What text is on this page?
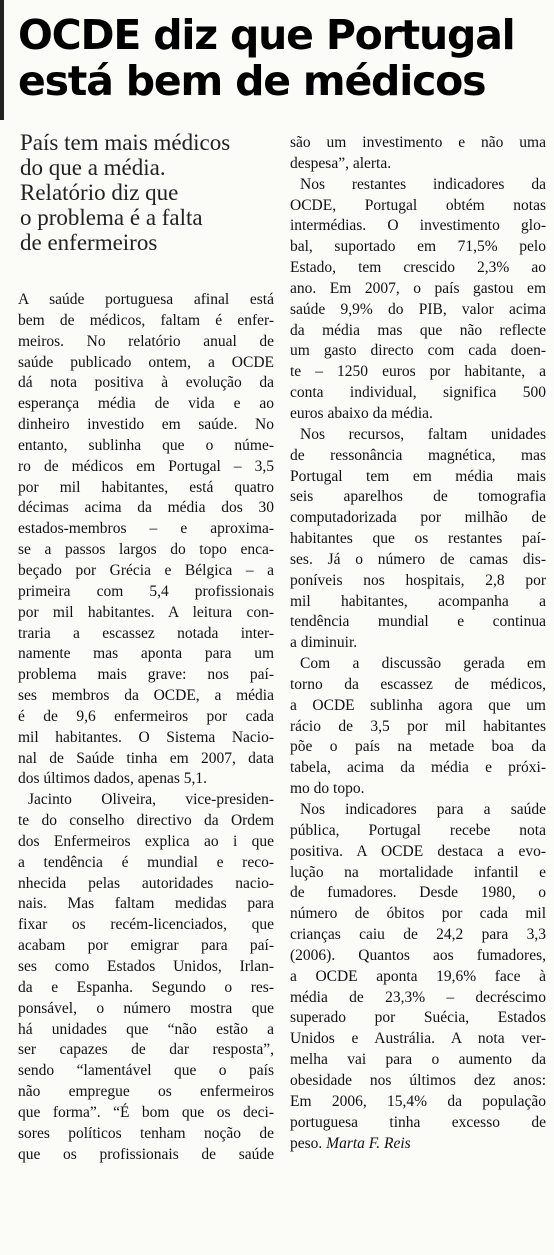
OCDE diz que Portugal
está bem de médicos
País tem mais médicos
do que a média.
Relatório diz que
o problema é a falta
de enfermeiros
A saúde portuguesa afinal está
bem de médicos, faltam é enfer-
meiros. No relatório anual de
saúde publicado ontem, a OCDE
dá nota positiva à evolução da
esperança média de vida e ao
dinheiro investido em saúde. No
entanto, sublinha que o núme-
ro de médicos em Portugal – 3,5
por mil habitantes, está quatro
décimas acima da média dos 30
estados-membros – e aproxima-
se a passos largos do topo enca-
beçado por Grécia e Bélgica – a
primeira com 5,4 profissionais
por mil habitantes. A leitura con-
traria a escassez notada inter-
namente mas aponta para um
problema mais grave: nos paí-
ses membros da OCDE, a média
é de 9,6 enfermeiros por cada
mil habitantes. O Sistema Nacio-
nal de Saúde tinha em 2007, data
dos últimos dados, apenas 5,1.
Jacinto Oliveira, vice-presiden-
te do conselho directivo da Ordem
dos Enfermeiros explica ao i que
a tendência é mundial e reco-
nhecida pelas autoridades nacio-
nais. Mas faltam medidas para
fixar os recém-licenciados, que
acabam por emigrar para paí-
ses como Estados Unidos, Irlan-
da e Espanha. Segundo o res-
ponsável, o número mostra que
há unidades que “não estão a
ser capazes de dar resposta”,
sendo “lamentável que o país
não empregue os enfermeiros
que forma”. “É bom que os deci-
sores políticos tenham noção de
que os profissionais de saúde
são um investimento e não uma
despesa”, alerta.
Nos restantes indicadores da
OCDE, Portugal obtém notas
intermédias. O investimento glo-
bal, suportado em 71,5% pelo
Estado, tem crescido 2,3% ao
ano. Em 2007, o país gastou em
saúde 9,9% do PIB, valor acima
da média mas que não reflecte
um gasto directo com cada doen-
te – 1250 euros por habitante, a
conta individual, significa 500
euros abaixo da média.
Nos recursos, faltam unidades
de ressonância magnética, mas
Portugal tem em média mais
seis aparelhos de tomografia
computadorizada por milhão de
habitantes que os restantes paí-
ses. Já o número de camas dis-
poníveis nos hospitais, 2,8 por
mil habitantes, acompanha a
tendência mundial e continua
a diminuir.
Com a discussão gerada em
torno da escassez de médicos,
a OCDE sublinha agora que um
rácio de 3,5 por mil habitantes
põe o país na metade boa da
tabela, acima da média e próxi-
mo do topo.
Nos indicadores para a saúde
pública, Portugal recebe nota
positiva. A OCDE destaca a evo-
lução na mortalidade infantil e
de fumadores. Desde 1980, o
número de óbitos por cada mil
crianças caiu de 24,2 para 3,3
(2006). Quantos aos fumadores,
a OCDE aponta 19,6% face à
média de 23,3% – decréscimo
superado por Suécia, Estados
Unidos e Austrália. A nota ver-
melha vai para o aumento da
obesidade nos últimos dez anos:
Em 2006, 15,4% da população
portuguesa tinha excesso de
peso. Marta F. Reis
